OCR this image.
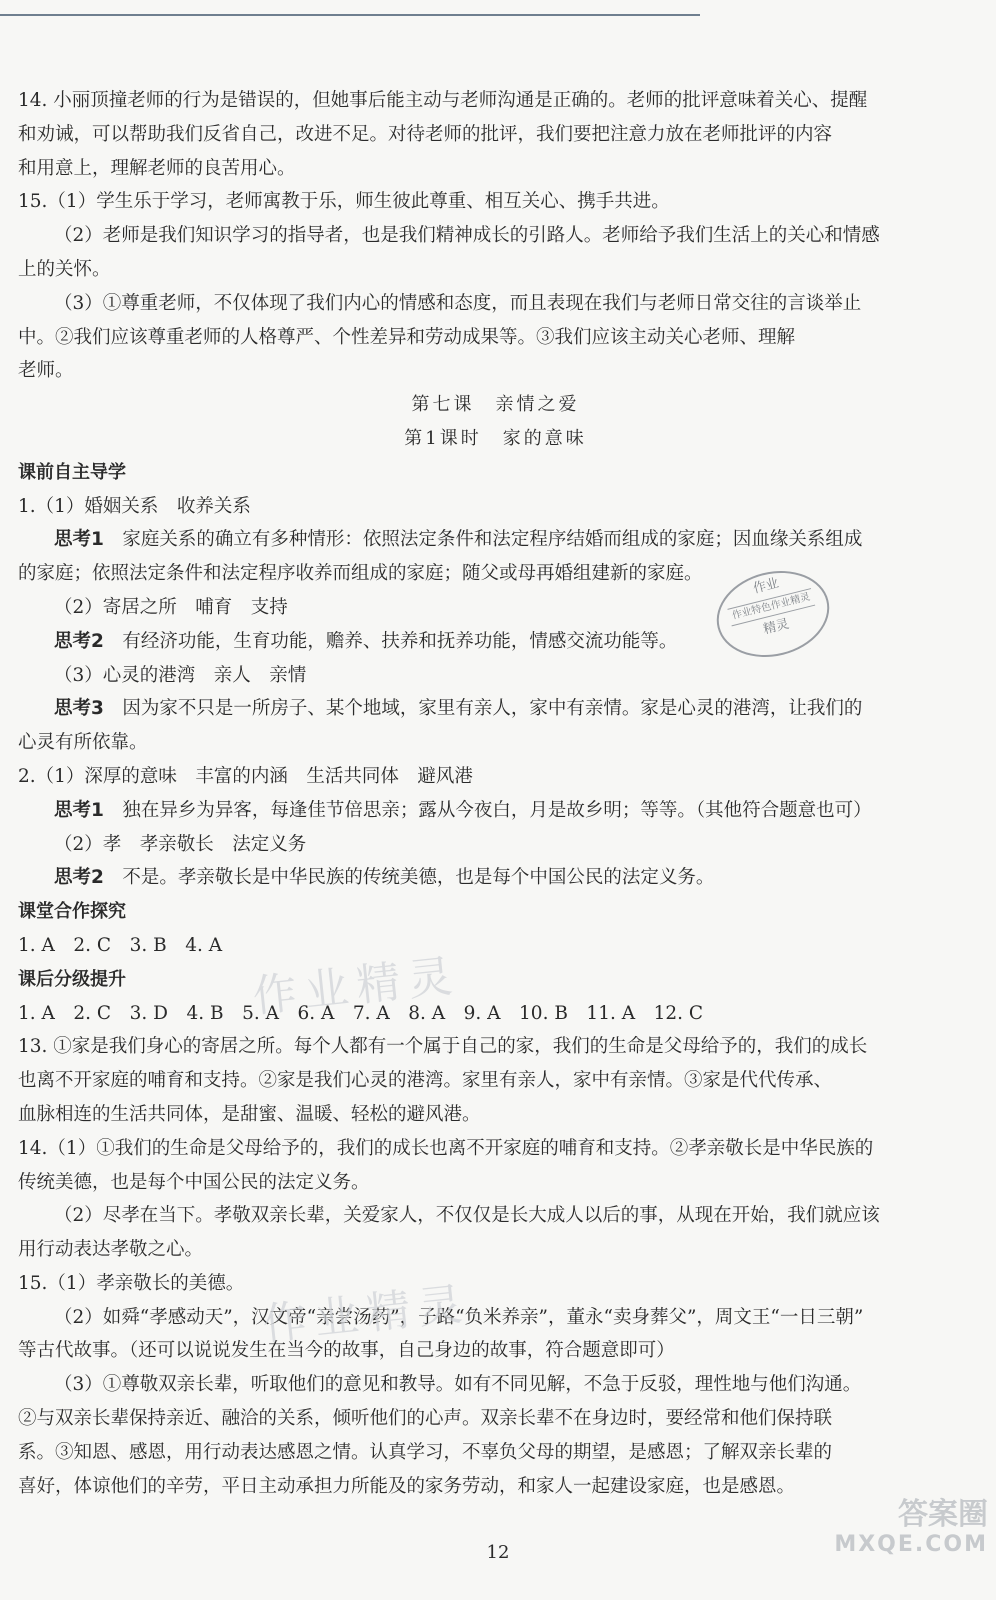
14. 小丽顶撞老师的行为是错误的，但她事后能主动与老师沟通是正确的。老师的批评意味着关心、提醒

和劝诫，可以帮助我们反省自己，改进不足。对待老师的批评，我们要把注意力放在老师批评的内容

和用意上，理解老师的良苦用心。

15.（1）学生乐于学习，老师寓教于乐，师生彼此尊重、相互关心、携手共进。

（2）老师是我们知识学习的指导者，也是我们精神成长的引路人。老师给予我们生活上的关心和情感

上的关怀。

（3）①尊重老师，不仅体现了我们内心的情感和态度，而且表现在我们与老师日常交往的言谈举止

中。②我们应该尊重老师的人格尊严、个性差异和劳动成果等。③我们应该主动关心老师、理解

老师。

第七课　亲情之爱

第1课时　家的意味

课前自主导学

1.（1）婚姻关系　收养关系

思考1　家庭关系的确立有多种情形：依照法定条件和法定程序结婚而组成的家庭；因血缘关系组成

的家庭；依照法定条件和法定程序收养而组成的家庭；随父或母再婚组建新的家庭。

（2）寄居之所　哺育　支持

思考2　有经济功能，生育功能，赡养、扶养和抚养功能，情感交流功能等。

（3）心灵的港湾　亲人　亲情

思考3　因为家不只是一所房子、某个地域，家里有亲人，家中有亲情。家是心灵的港湾，让我们的

心灵有所依靠。

2.（1）深厚的意味　丰富的内涵　生活共同体　避风港

思考1　独在异乡为异客，每逢佳节倍思亲；露从今夜白，月是故乡明；等等。（其他符合题意也可）

（2）孝　孝亲敬长　法定义务

思考2　不是。孝亲敬长是中华民族的传统美德，也是每个中国公民的法定义务。

课堂合作探究

1. A　2. C　3. B　4. A

课后分级提升

1. A　2. C　3. D　4. B　5. A　6. A　7. A　8. A　9. A　10. B　11. A　12. C

13. ①家是我们身心的寄居之所。每个人都有一个属于自己的家，我们的生命是父母给予的，我们的成长

也离不开家庭的哺育和支持。②家是我们心灵的港湾。家里有亲人，家中有亲情。③家是代代传承、

血脉相连的生活共同体，是甜蜜、温暖、轻松的避风港。

14.（1）①我们的生命是父母给予的，我们的成长也离不开家庭的哺育和支持。②孝亲敬长是中华民族的

传统美德，也是每个中国公民的法定义务。

（2）尽孝在当下。孝敬双亲长辈，关爱家人，不仅仅是长大成人以后的事，从现在开始，我们就应该

用行动表达孝敬之心。

15.（1）孝亲敬长的美德。

（2）如舜“孝感动天”，汉文帝“亲尝汤药”，子路“负米养亲”，董永“卖身葬父”，周文王“一日三朝”

等古代故事。（还可以说说发生在当今的故事，自己身边的故事，符合题意即可）

（3）①尊敬双亲长辈，听取他们的意见和教导。如有不同见解，不急于反驳，理性地与他们沟通。

②与双亲长辈保持亲近、融洽的关系，倾听他们的心声。双亲长辈不在身边时，要经常和他们保持联

系。③知恩、感恩，用行动表达感恩之情。认真学习，不辜负父母的期望，是感恩；了解双亲长辈的

喜好，体谅他们的辛劳，平日主动承担力所能及的家务劳动，和家人一起建设家庭，也是感恩。

作业精灵
作业精灵
作业
作业特色作业精灵
精灵
12
答案圈
MXQE.COM
